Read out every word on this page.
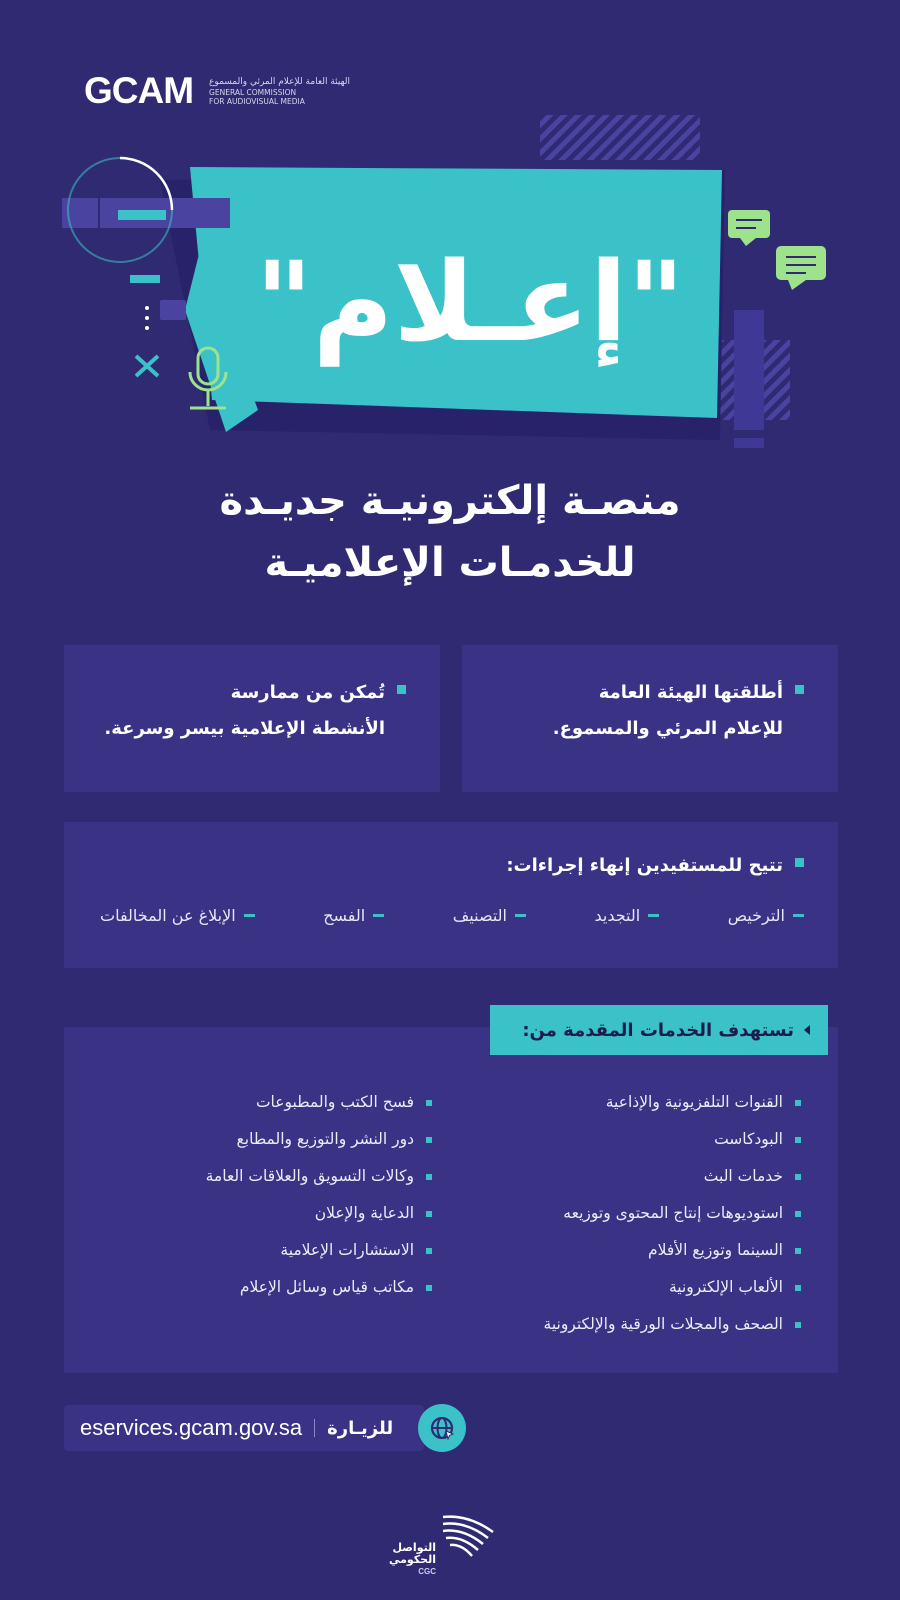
GCAM الهيئة العامة للإعلام المرئي والمسموع
GENERAL COMMISSION
FOR AUDIOVISUAL MEDIA
"إعـلام"
منصـة إلكترونيـة جديـدة
للخدمـات الإعلاميـة
أطلقتها الهيئة العامة
للإعلام المرئي والمسموع.
تُمكن من ممارسة
الأنشطة الإعلامية بيسر وسرعة.
تتيح للمستفيدين إنهاء إجراءات:
الترخيص
التجديد
التصنيف
الفسح
الإبلاغ عن المخالفات
تستهدف الخدمات المقدمة من:
القنوات التلفزيونية والإذاعية
البودكاست
خدمات البث
استوديوهات إنتاج المحتوى وتوزيعه
السينما وتوزيع الأفلام
الألعاب الإلكترونية
الصحف والمجلات الورقية والإلكترونية
فسح الكتب والمطبوعات
دور النشر والتوزيع والمطابع
وكالات التسويق والعلاقات العامة
الدعاية والإعلان
الاستشارات الإعلامية
مكاتب قياس وسائل الإعلام
eservices.gcam.gov.sa للزيـارة
التواصل
الحكومي
CGC
